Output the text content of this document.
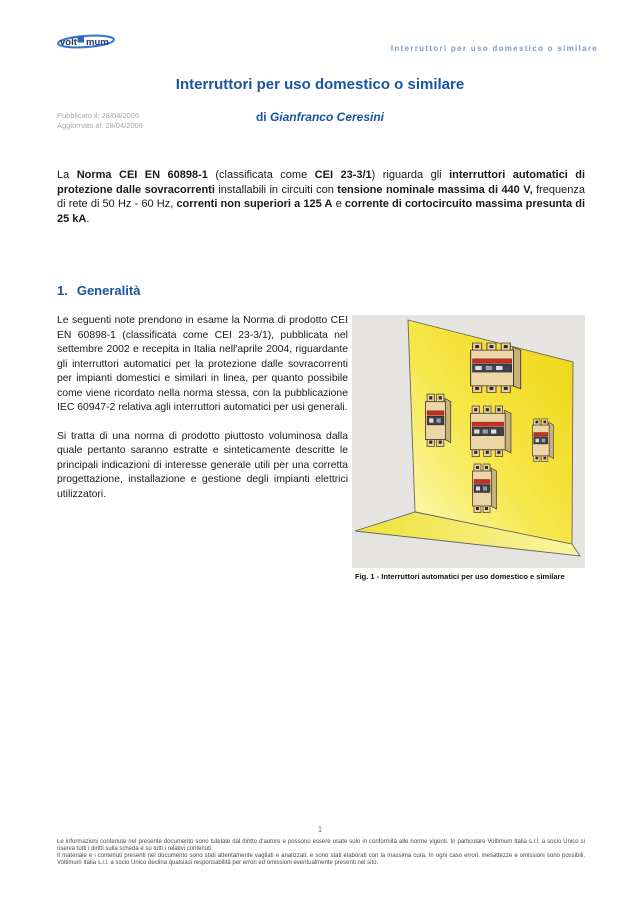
volt mum
Interruttori per uso domestico o similare
Interruttori per uso domestico o similare
di Gianfranco Ceresini
Pubblicato il: 28/04/2006
Aggiornato al: 28/04/2006
La Norma CEI EN 60898-1 (classificata come CEI 23-3/1) riguarda gli interruttori automatici di protezione dalle sovracorrenti installabili in circuiti con tensione nominale massima di 440 V, frequenza di rete di 50 Hz - 60 Hz, correnti non superiori a 125 A e corrente di cortocircuito massima presunta di 25 kA.
1. Generalità

Le seguenti note prendono in esame la Norma di prodotto CEI EN 60898-1 (classificata come CEI 23-3/1), pubblicata nel settembre 2002 e recepita in Italia nell'aprile 2004, riguardante gli interruttori automatici per la protezione dalle sovracorrenti per impianti domestici e similari in linea, per quanto possibile come viene ricordato nella norma stessa, con la pubblicazione IEC 60947-2 relativa agli interruttori automatici per usi generali.

Si tratta di una norma di prodotto piuttosto voluminosa dalla quale pertanto saranno estratte e sinteticamente descritte le principali indicazioni di interesse generale utili per una corretta progettazione, installazione e gestione degli impianti elettrici utilizzatori.

Fig. 1 - Interruttori automatici per uso domestico e similare
1

Le informazioni contenute nel presente documento sono tutelate dal diritto d'autore e possono essere usate solo in conformità alle norme vigenti. In particolare Voltimum Italia s.r.l. a socio Unico si riserva tutti i diritti sulla scheda e su tutti i relativi contenuti.

Il materiale e i contenuti presenti nel documento sono stati attentamente vagliati e analizzati, e sono stati elaborati con la massima cura. In ogni caso errori, inesattezze e omissioni sono possibili. Voltimum Italia s.r.l. a socio Unico declina qualsiasi responsabilità per errori ed omissioni eventualmente presenti nel sito.
